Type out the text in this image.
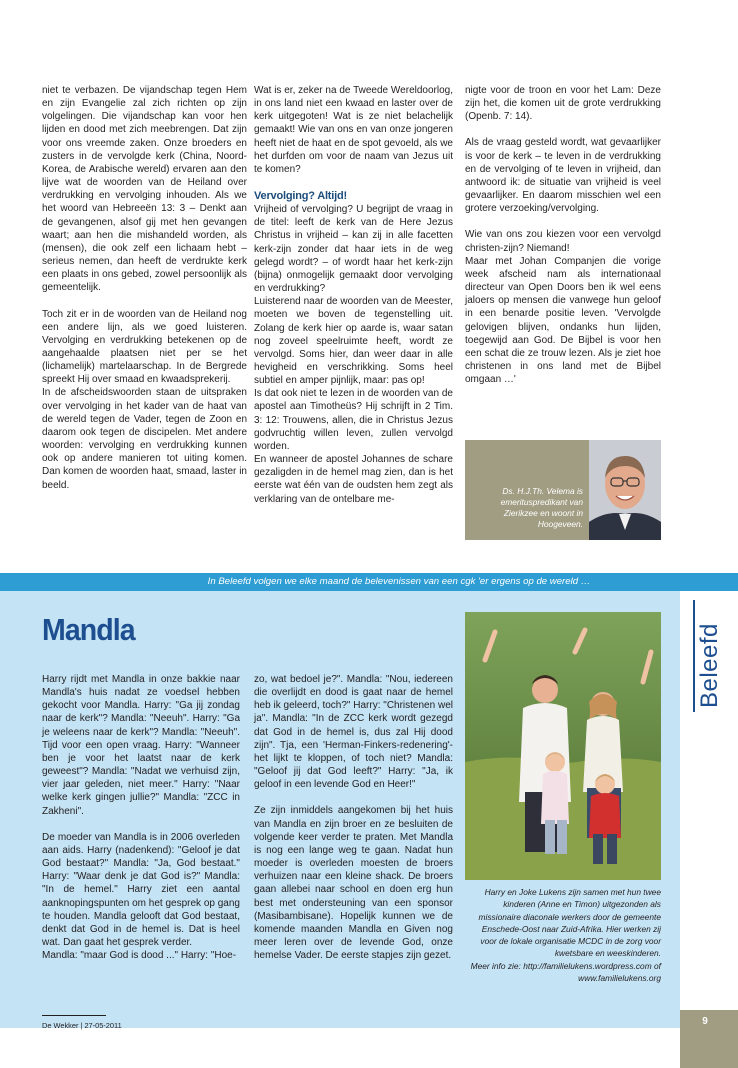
niet te verbazen. De vijandschap tegen Hem en zijn Evangelie zal zich richten op zijn volgelingen. Die vijandschap kan voor hen lijden en dood met zich meebrengen. Dat zijn voor ons vreemde zaken. Onze broeders en zusters in de vervolgde kerk (China, Noord-Korea, de Arabische wereld) ervaren aan den lijve wat de woorden van de Heiland over verdrukking en vervolging inhouden. Als we het woord van Hebreeën 13: 3 – Denkt aan de gevangenen, alsof gij met hen gevangen waart; aan hen die mishandeld worden, als (mensen), die ook zelf een lichaam hebt – serieus nemen, dan heeft de verdrukte kerk een plaats in ons gebed, zowel persoonlijk als gemeentelijk.

Toch zit er in de woorden van de Heiland nog een andere lijn, als we goed luisteren. Vervolging en verdrukking betekenen op de aangehaalde plaatsen niet per se het (lichamelijk) martelaarschap. In de Bergrede spreekt Hij over smaad en kwaadsprekerij.

In de afscheidswoorden staan de uitspraken over vervolging in het kader van de haat van de wereld tegen de Vader, tegen de Zoon en daarom ook tegen de discipelen. Met andere woorden: vervolging en verdrukking kunnen ook op andere manieren tot uiting komen. Dan komen de woorden haat, smaad, laster in beeld.

Wat is er, zeker na de Tweede Wereldoorlog, in ons land niet een kwaad en laster over de kerk uitgegoten! Wat is ze niet belachelijk gemaakt! Wie van ons en van onze jongeren heeft niet de haat en de spot gevoeld, als we het durfden om voor de naam van Jezus uit te komen?

Vervolging? Altijd!

Vrijheid of vervolging? U begrijpt de vraag in de titel: leeft de kerk van de Here Jezus Christus in vrijheid – kan zij in alle facetten kerk-zijn zonder dat haar iets in de weg gelegd wordt? – of wordt haar het kerk-zijn (bijna) onmogelijk gemaakt door vervolging en verdrukking?

Luisterend naar de woorden van de Meester, moeten we boven de tegenstelling uit. Zolang de kerk hier op aarde is, waar satan nog zoveel speelruimte heeft, wordt ze vervolgd. Soms hier, dan weer daar in alle hevigheid en verschrikking. Soms heel subtiel en amper pijnlijk, maar: pas op!

Is dat ook niet te lezen in de woorden van de apostel aan Timotheüs? Hij schrijft in 2 Tim. 3: 12: Trouwens, allen, die in Christus Jezus godvruchtig willen leven, zullen vervolgd worden.

En wanneer de apostel Johannes de schare gezaligden in de hemel mag zien, dan is het eerste wat één van de oudsten hem zegt als verklaring van de ontelbare me-

nigte voor de troon en voor het Lam: Deze zijn het, die komen uit de grote verdrukking (Openb. 7: 14).

Als de vraag gesteld wordt, wat gevaarlijker is voor de kerk – te leven in de verdrukking en de vervolging of te leven in vrijheid, dan antwoord ik: de situatie van vrijheid is veel gevaarlijker. En daarom misschien wel een grotere verzoeking/vervolging.

Wie van ons zou kiezen voor een vervolgd christen-zijn? Niemand!

Maar met Johan Companjen die vorige week afscheid nam als internationaal directeur van Open Doors ben ik wel eens jaloers op mensen die vanwege hun geloof in een benarde positie leven. 'Vervolgde gelovigen blijven, ondanks hun lijden, toegewijd aan God. De Bijbel is voor hen een schat die ze trouw lezen. Als je ziet hoe christenen in ons land met de Bijbel omgaan …'

Ds. H.J.Th. Velema is emerituspredikant van Zierikzee en woont in Hoogeveen.
In Beleefd volgen we elke maand de belevenissen van een cgk 'er ergens op de wereld …
Beleefd
Mandla

Harry rijdt met Mandla in onze bakkie naar Mandla's huis nadat ze voedsel hebben gekocht voor Mandla. Harry: "Ga jij zondag naar de kerk"? Mandla: "Neeuh". Harry: "Ga je weleens naar de kerk"? Mandla: "Neeuh". Tijd voor een open vraag. Harry: "Wanneer ben je voor het laatst naar de kerk geweest"? Mandla: "Nadat we verhuisd zijn, vier jaar geleden, niet meer." Harry: "Naar welke kerk gingen jullie?" Mandla: "ZCC in Zakheni".

De moeder van Mandla is in 2006 overleden aan aids. Harry (nadenkend): "Geloof je dat God bestaat?" Mandla: "Ja, God bestaat." Harry: "Waar denk je dat God is?" Mandla: "In de hemel." Harry ziet een aantal aanknopingspunten om het gesprek op gang te houden. Mandla gelooft dat God bestaat, denkt dat God in de hemel is. Dat is heel wat. Dan gaat het gesprek verder.

Mandla: "maar God is dood ..." Harry: "Hoe-

zo, wat bedoel je?". Mandla: "Nou, iedereen die overlijdt en dood is gaat naar de hemel heb ik geleerd, toch?" Harry: "Christenen wel ja". Mandla: "In de ZCC kerk wordt gezegd dat God in de hemel is, dus zal Hij dood zijn". Tja, een 'Herman-Finkers-redenering'- het lijkt te kloppen, of toch niet? Mandla: "Geloof jij dat God leeft?" Harry: "Ja, ik geloof in een levende God en Heer!"

Ze zijn inmiddels aangekomen bij het huis van Mandla en zijn broer en ze besluiten de volgende keer verder te praten. Met Mandla is nog een lange weg te gaan. Nadat hun moeder is overleden moesten de broers verhuizen naar een kleine shack. De broers gaan allebei naar school en doen erg hun best met ondersteuning van een sponsor (Masibambisane). Hopelijk kunnen we de komende maanden Mandla en Given nog meer leren over de levende God, onze hemelse Vader. De eerste stapjes zijn gezet.

Harry en Joke Lukens zijn samen met hun twee kinderen (Anne en Timon) uitgezonden als missionaire diaconale werkers door de gemeente Enschede-Oost naar Zuid-Afrika. Hier werken zij voor de lokale organisatie MCDC in de zorg voor kwetsbare en weeskinderen.
Meer info zie: http://familielukens.wordpress.com of www.familielukens.org
De Wekker | 27-05-2011	9
